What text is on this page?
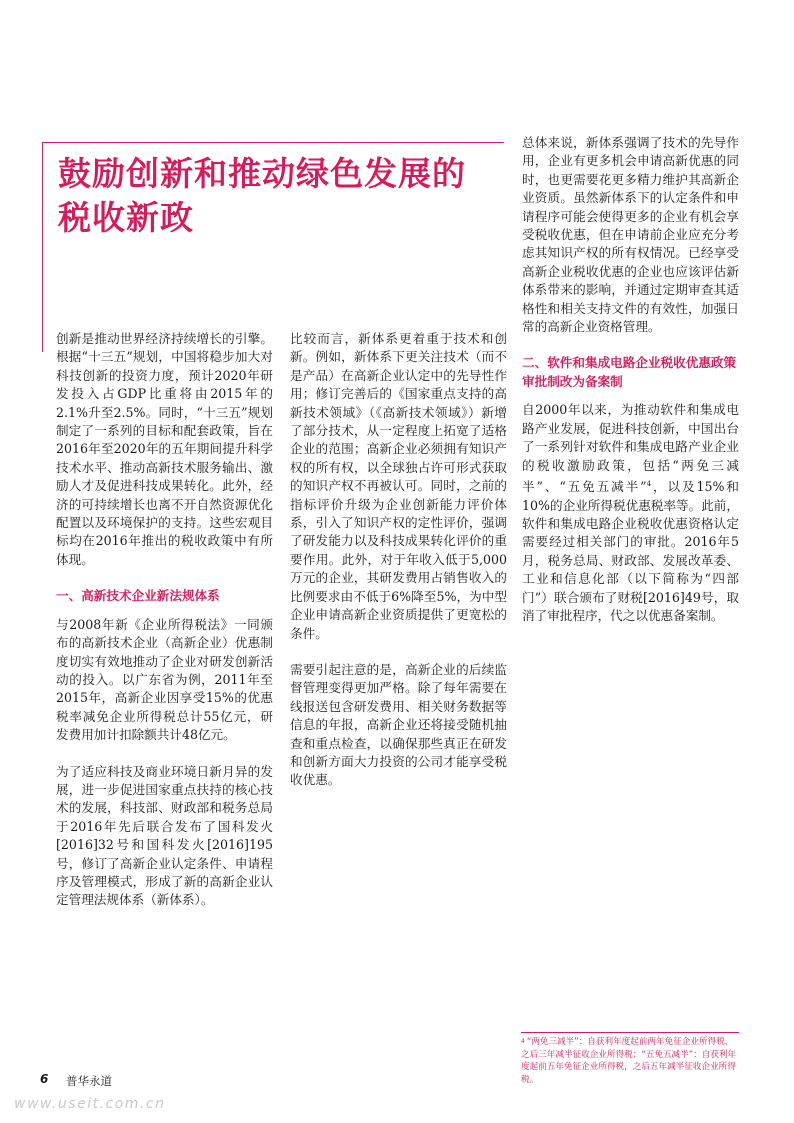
鼓励创新和推动绿色发展的税收新政

创新是推动世界经济持续增长的引擎。根据“十三五”规划，中国将稳步加大对科技创新的投资力度，预计2020年研发投入占GDP比重将由2015年的2.1%升至2.5%。同时，“十三五”规划制定了一系列的目标和配套政策，旨在2016年至2020年的五年期间提升科学技术水平、推动高新技术服务输出、激励人才及促进科技成果转化。此外，经济的可持续增长也离不开自然资源优化配置以及环境保护的支持。这些宏观目标均在2016年推出的税收政策中有所体现。

一、高新技术企业新法规体系

与2008年新《企业所得税法》一同颁布的高新技术企业（高新企业）优惠制度切实有效地推动了企业对研发创新活动的投入。以广东省为例，2011年至2015年，高新企业因享受15%的优惠税率减免企业所得税总计55亿元，研发费用加计扣除额共计48亿元。

为了适应科技及商业环境日新月异的发展，进一步促进国家重点扶持的核心技术的发展，科技部、财政部和税务总局于2016年先后联合发布了国科发火[2016]32号和国科发火[2016]195号，修订了高新企业认定条件、申请程序及管理模式，形成了新的高新企业认定管理法规体系（新体系）。

比较而言，新体系更着重于技术和创新。例如，新体系下更关注技术（而不是产品）在高新企业认定中的先导性作用；修订完善后的《国家重点支持的高新技术领域》（《高新技术领域》）新增了部分技术，从一定程度上拓宽了适格企业的范围；高新企业必须拥有知识产权的所有权，以全球独占许可形式获取的知识产权不再被认可。同时，之前的指标评价升级为企业创新能力评价体系，引入了知识产权的定性评价，强调了研发能力以及科技成果转化评价的重要作用。此外，对于年收入低于5,000万元的企业，其研发费用占销售收入的比例要求由不低于6%降至5%，为中型企业申请高新企业资质提供了更宽松的条件。

需要引起注意的是，高新企业的后续监督管理变得更加严格。除了每年需要在线报送包含研发费用、相关财务数据等信息的年报，高新企业还将接受随机抽查和重点检查，以确保那些真正在研发和创新方面大力投资的公司才能享受税收优惠。

总体来说，新体系强调了技术的先导作用，企业有更多机会申请高新优惠的同时，也更需要花更多精力维护其高新企业资质。虽然新体系下的认定条件和申请程序可能会使得更多的企业有机会享受税收优惠，但在申请前企业应充分考虑其知识产权的所有权情况。已经享受高新企业税收优惠的企业也应该评估新体系带来的影响，并通过定期审查其适格性和相关支持文件的有效性，加强日常的高新企业资格管理。

二、软件和集成电路企业税收优惠政策审批制改为备案制

自2000年以来，为推动软件和集成电路产业发展，促进科技创新，中国出台了一系列针对软件和集成电路产业企业的税收激励政策，包括“两免三减半”、“五免五减半”$^4$，以及15%和10%的企业所得税优惠税率等。此前，软件和集成电路企业税收优惠资格认定需要经过相关部门的审批。2016年5月，税务总局、财政部、发展改革委、工业和信息化部（以下简称为“四部门”）联合颁布了财税[2016]49号，取消了审批程序，代之以优惠备案制。

$^4$ “两免三减半”：自获利年度起前两年免征企业所得税，之后三年减半征收企业所得税；“五免五减半”：自获利年度起前五年免征企业所得税，之后五年减半征收企业所得税。
6 普华永道
www.useit.com.cn
